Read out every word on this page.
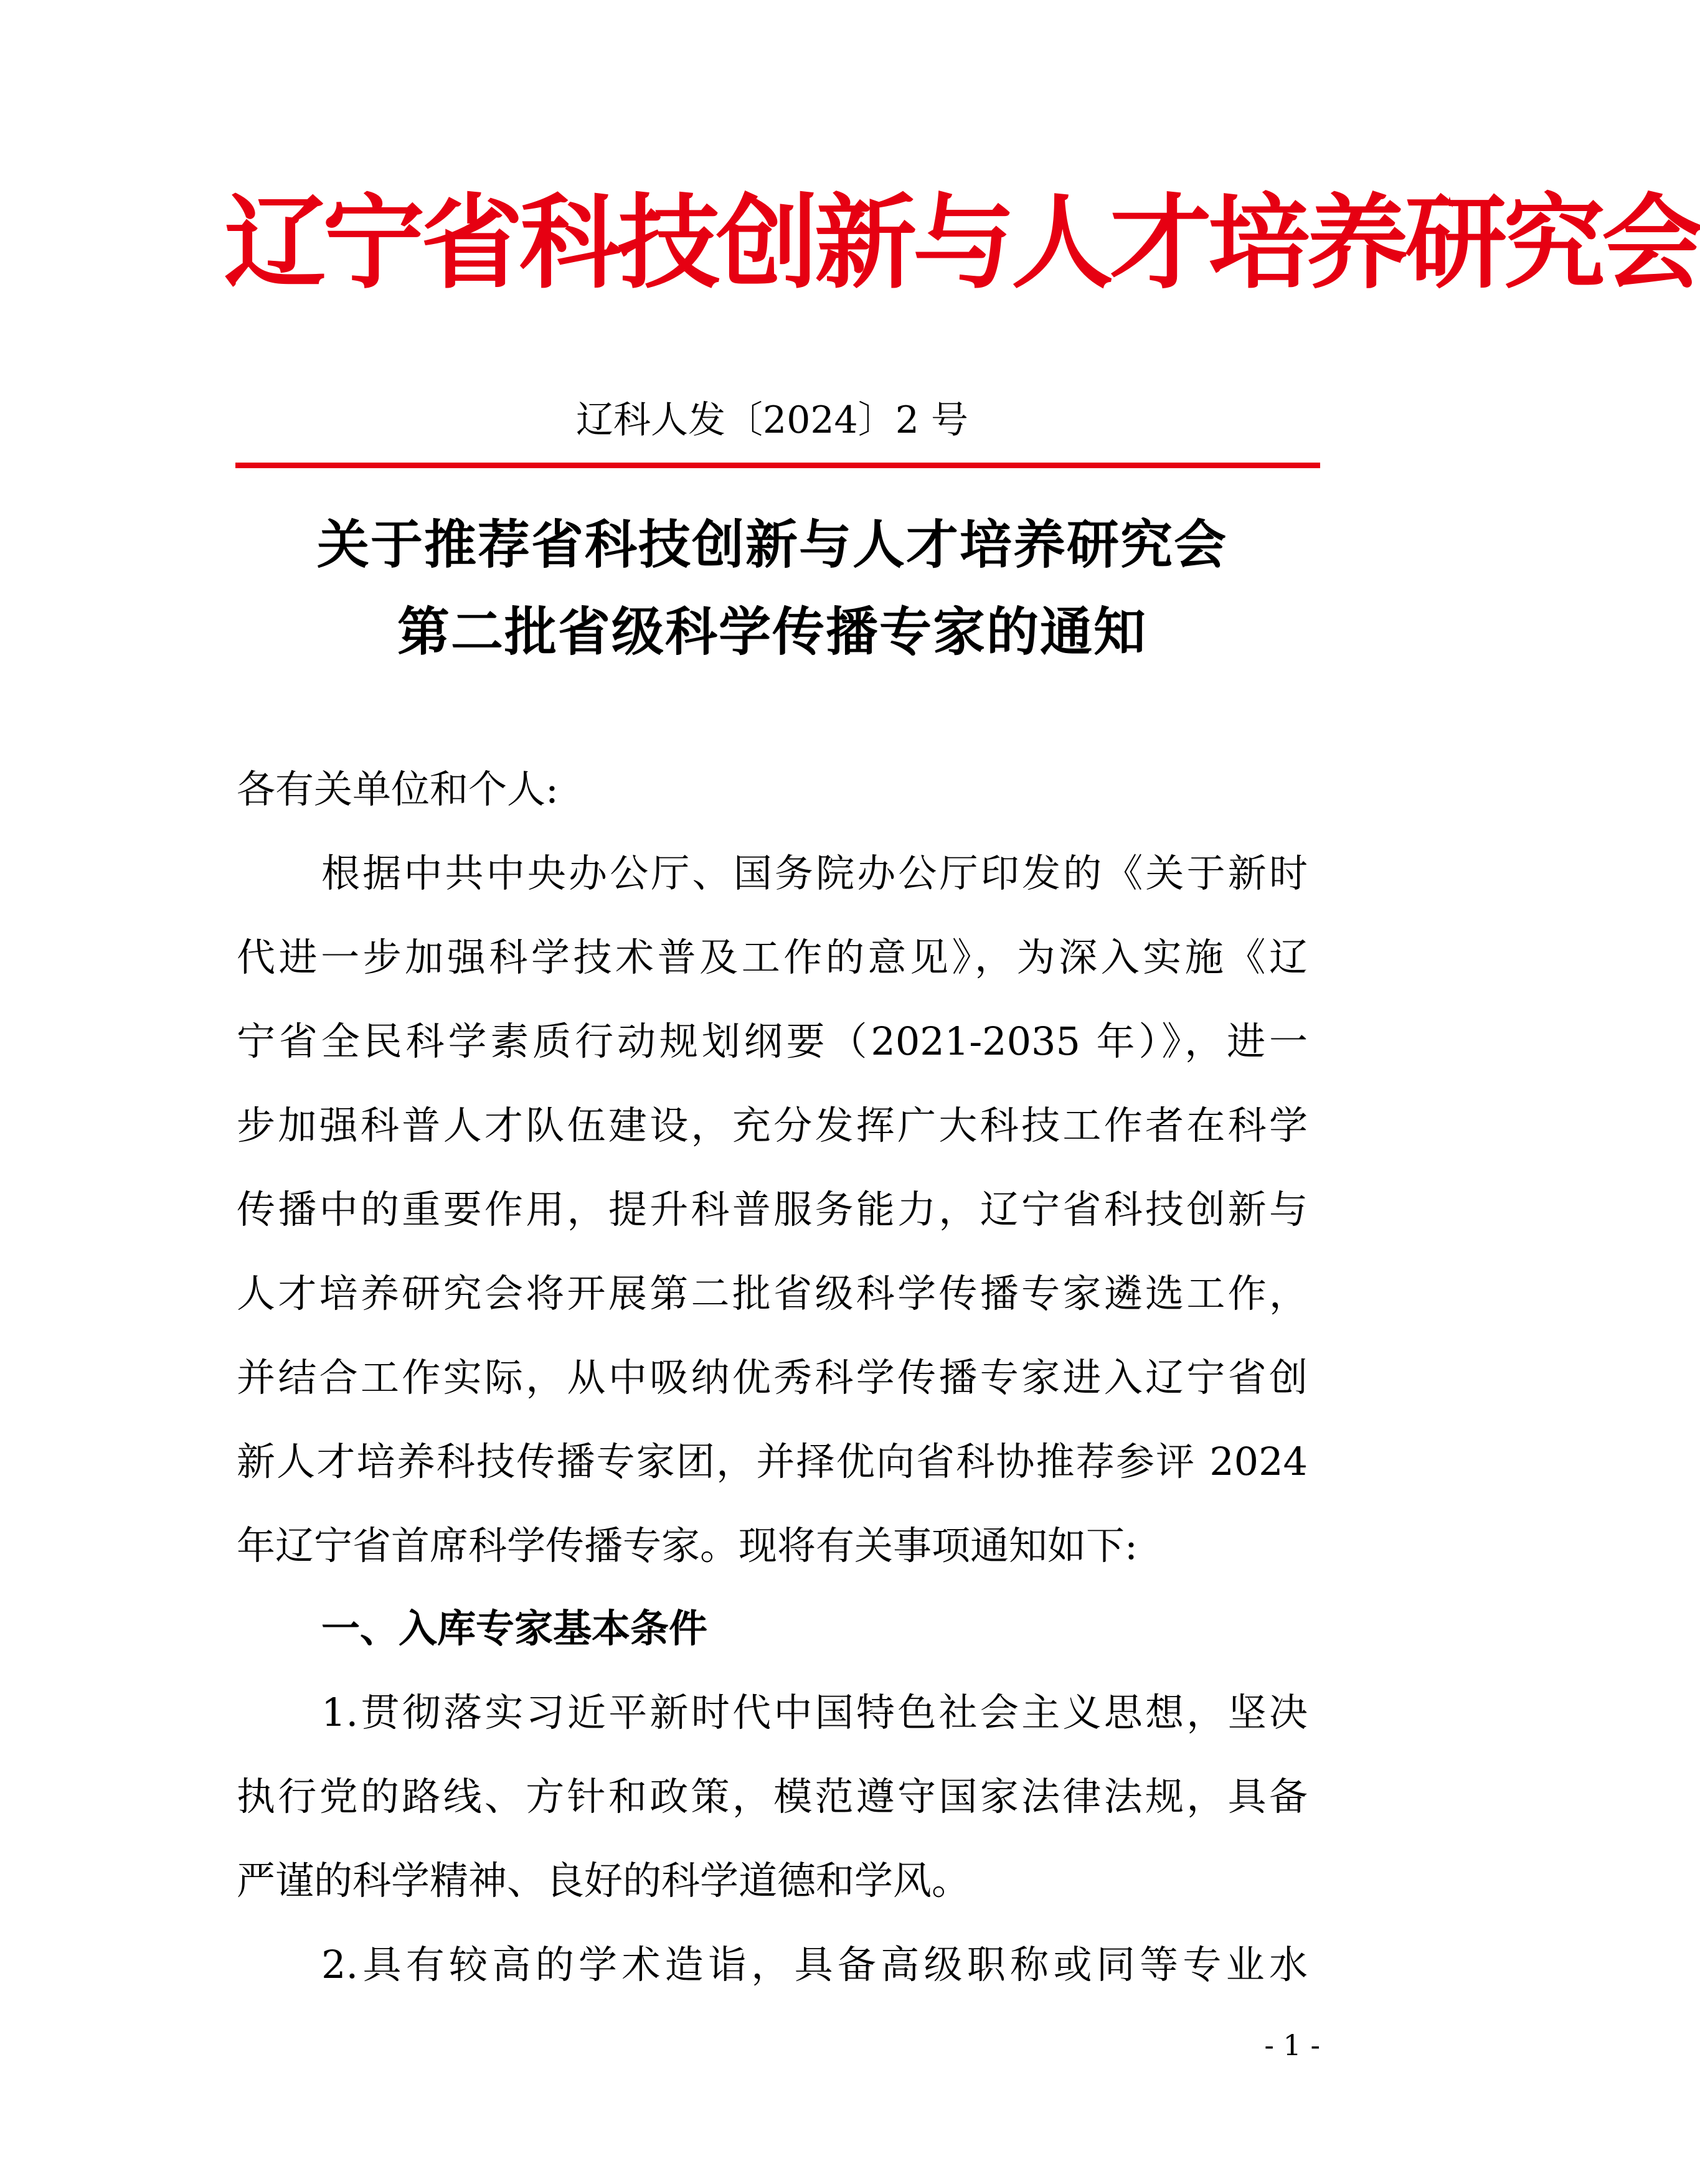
辽宁省科技创新与人才培养研究会
辽科人发〔2024〕2 号
关于推荐省科技创新与人才培养研究会
第二批省级科学传播专家的通知
各有关单位和个人:
根据中共中央办公厅、国务院办公厅印发的《关于新时
代进一步加强科学技术普及工作的意见》，为深入实施《辽
宁省全民科学素质行动规划纲要（2021-2035 年）》，进一
步加强科普人才队伍建设，充分发挥广大科技工作者在科学
传播中的重要作用，提升科普服务能力，辽宁省科技创新与
人才培养研究会将开展第二批省级科学传播专家遴选工作，
并结合工作实际，从中吸纳优秀科学传播专家进入辽宁省创
新人才培养科技传播专家团，并择优向省科协推荐参评 2024
年辽宁省首席科学传播专家。现将有关事项通知如下:
一、入库专家基本条件
1.贯彻落实习近平新时代中国特色社会主义思想，坚决
执行党的路线、方针和政策，模范遵守国家法律法规，具备
严谨的科学精神、良好的科学道德和学风。
2.具有较高的学术造诣，具备高级职称或同等专业水
- 1 -
